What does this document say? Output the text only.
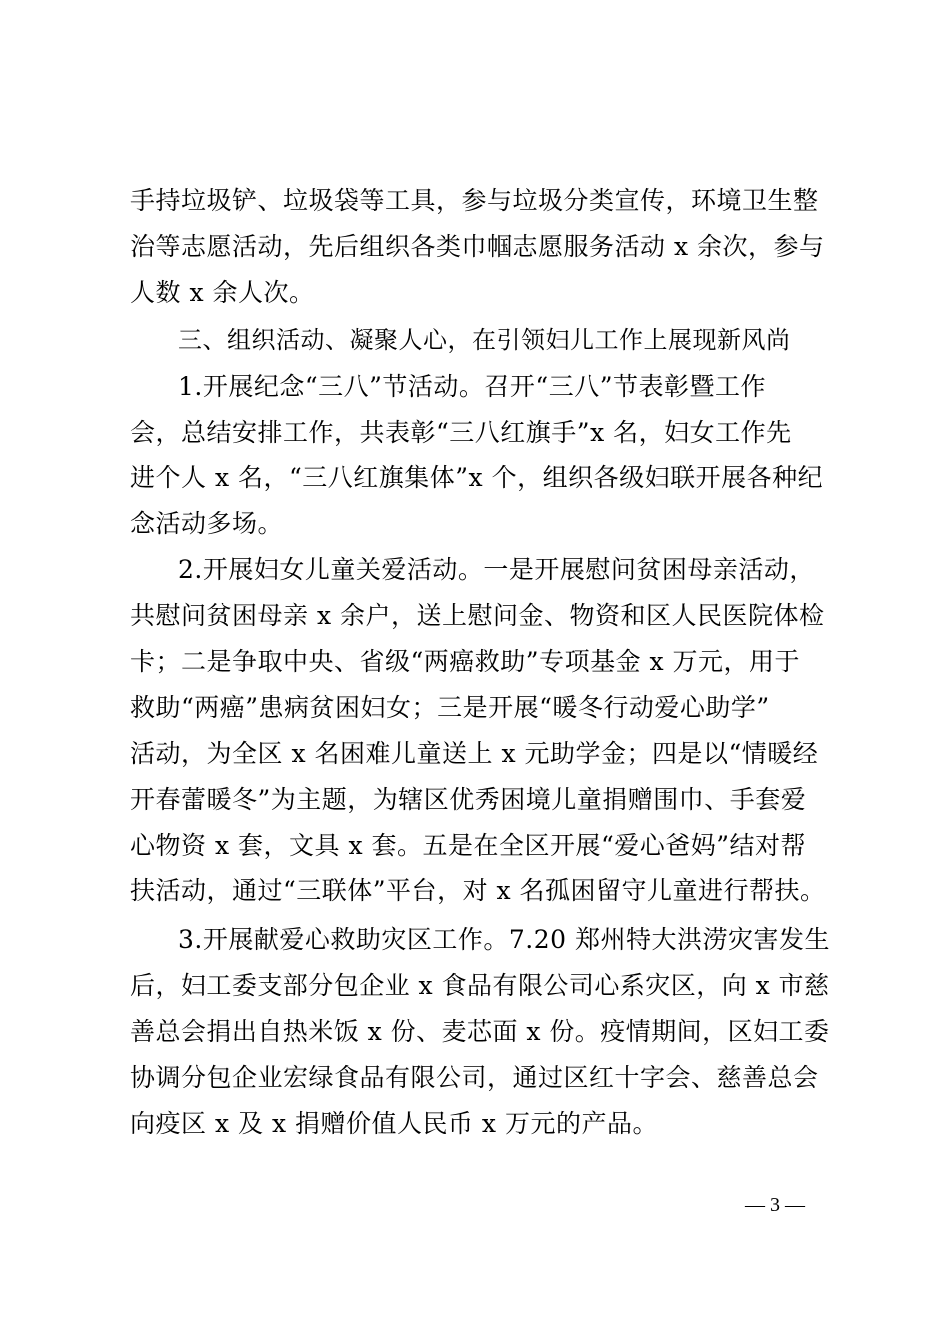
手持垃圾铲、垃圾袋等工具，参与垃圾分类宣传，环境卫生整
治等志愿活动，先后组织各类巾帼志愿服务活动 x 余次，参与
人数 x 余人次。
三、组织活动、凝聚人心，在引领妇儿工作上展现新风尚
1.开展纪念“三八”节活动。召开“三八”节表彰暨工作
会，总结安排工作，共表彰“三八红旗手”x 名，妇女工作先
进个人 x 名，“三八红旗集体”x 个，组织各级妇联开展各种纪
念活动多场。
2.开展妇女儿童关爱活动。一是开展慰问贫困母亲活动，
共慰问贫困母亲 x 余户，送上慰问金、物资和区人民医院体检
卡；二是争取中央、省级“两癌救助”专项基金 x 万元，用于
救助“两癌”患病贫困妇女；三是开展“暖冬行动爱心助学”
活动，为全区 x 名困难儿童送上 x 元助学金；四是以“情暖经
开春蕾暖冬”为主题，为辖区优秀困境儿童捐赠围巾、手套爱
心物资 x 套，文具 x 套。五是在全区开展“爱心爸妈”结对帮
扶活动，通过“三联体”平台，对 x 名孤困留守儿童进行帮扶。
3.开展献爱心救助灾区工作。7.20 郑州特大洪涝灾害发生
后，妇工委支部分包企业 x 食品有限公司心系灾区，向 x 市慈
善总会捐出自热米饭 x 份、麦芯面 x 份。疫情期间，区妇工委
协调分包企业宏绿食品有限公司，通过区红十字会、慈善总会
向疫区 x 及 x 捐赠价值人民币 x 万元的产品。
— 3 —
